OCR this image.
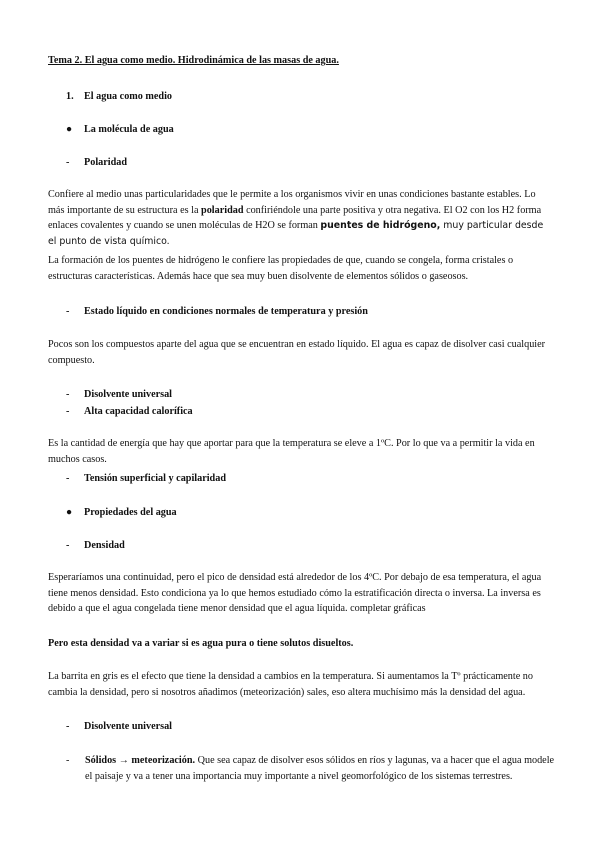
Tema 2. El agua como medio. Hidrodinámica de las masas de agua.

1. El agua como medio
● La molécula de agua
- Polaridad

Confiere al medio unas particularidades que le permite a los organismos vivir en unas condiciones bastante estables. Lo más importante de su estructura es la polaridad confiriéndole una parte positiva y otra negativa. El O2 con los H2 forma enlaces covalentes y cuando se unen moléculas de H2O se forman puentes de hidrógeno, muy particular desde el punto de vista químico.

La formación de los puentes de hidrógeno le confiere las propiedades de que, cuando se congela, forma cristales o estructuras características. Además hace que sea muy buen disolvente de elementos sólidos o gaseosos.

- Estado líquido en condiciones normales de temperatura y presión

Pocos son los compuestos aparte del agua que se encuentran en estado líquido. El agua es capaz de disolver casi cualquier compuesto.

- Disolvente universal
- Alta capacidad calorífica

Es la cantidad de energía que hay que aportar para que la temperatura se eleve a 1ºC. Por lo que va a permitir la vida en muchos casos.

- Tensión superficial y capilaridad
● Propiedades del agua
- Densidad

Esperaríamos una continuidad, pero el pico de densidad está alrededor de los 4ºC. Por debajo de esa temperatura, el agua tiene menos densidad. Esto condiciona ya lo que hemos estudiado cómo la estratificación directa o inversa. La inversa es debido a que el agua congelada tiene menor densidad que el agua líquida. completar gráficas

Pero esta densidad va a variar si es agua pura o tiene solutos disueltos.

La barrita en gris es el efecto que tiene la densidad a cambios en la temperatura. Si aumentamos la Tº prácticamente no cambia la densidad, pero si nosotros añadimos (meteorización) sales, eso altera muchísimo más la densidad del agua.

- Disolvente universal
- Sólidos → meteorización. Que sea capaz de disolver esos sólidos en ríos y lagunas, va a hacer que el agua modele el paisaje y va a tener una importancia muy importante a nivel geomorfológico de los sistemas terrestres.
